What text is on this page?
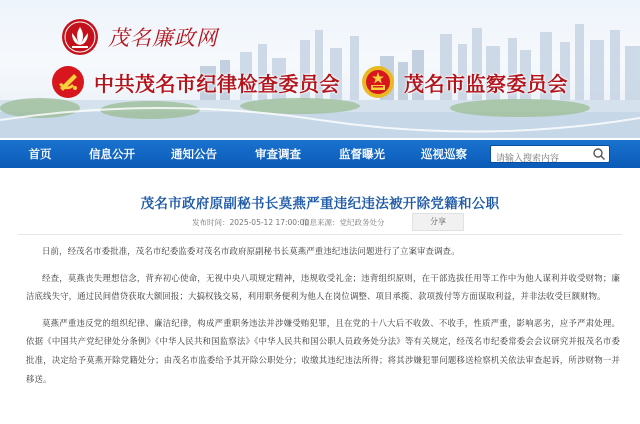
茂名廉政网
中共茂名市纪律检查委员会	茂名市监察委员会
首页	信息公开	通知公告	审查调查	监督曝光	巡视巡察
请输入搜索内容
茂名市政府原副秘书长莫燕严重违纪违法被开除党籍和公职
发布时间：2025-05-12 17:00:00
信息来源：党纪政务处分	分享

日前，经茂名市委批准，茂名市纪委监委对茂名市政府原副秘书长莫燕严重违纪违法问题进行了立案审查调查。

经查，莫燕丧失理想信念，背弃初心使命，无视中央八项规定精神，违规收受礼金；违背组织原则，在干部选拔任用等工作中为他人谋利并收受财物；廉洁底线失守，通过民间借贷获取大额回报；大搞权钱交易，利用职务便利为他人在岗位调整、项目承揽、款项拨付等方面谋取利益，并非法收受巨额财物。

莫燕严重违反党的组织纪律、廉洁纪律，构成严重职务违法并涉嫌受贿犯罪，且在党的十八大后不收敛、不收手，性质严重，影响恶劣，应予严肃处理。依据《中国共产党纪律处分条例》《中华人民共和国监察法》《中华人民共和国公职人员政务处分法》等有关规定，经茂名市纪委常委会会议研究并报茂名市委批准，决定给予莫燕开除党籍处分；由茂名市监委给予其开除公职处分；收缴其违纪违法所得；将其涉嫌犯罪问题移送检察机关依法审查起诉，所涉财物一并移送。
